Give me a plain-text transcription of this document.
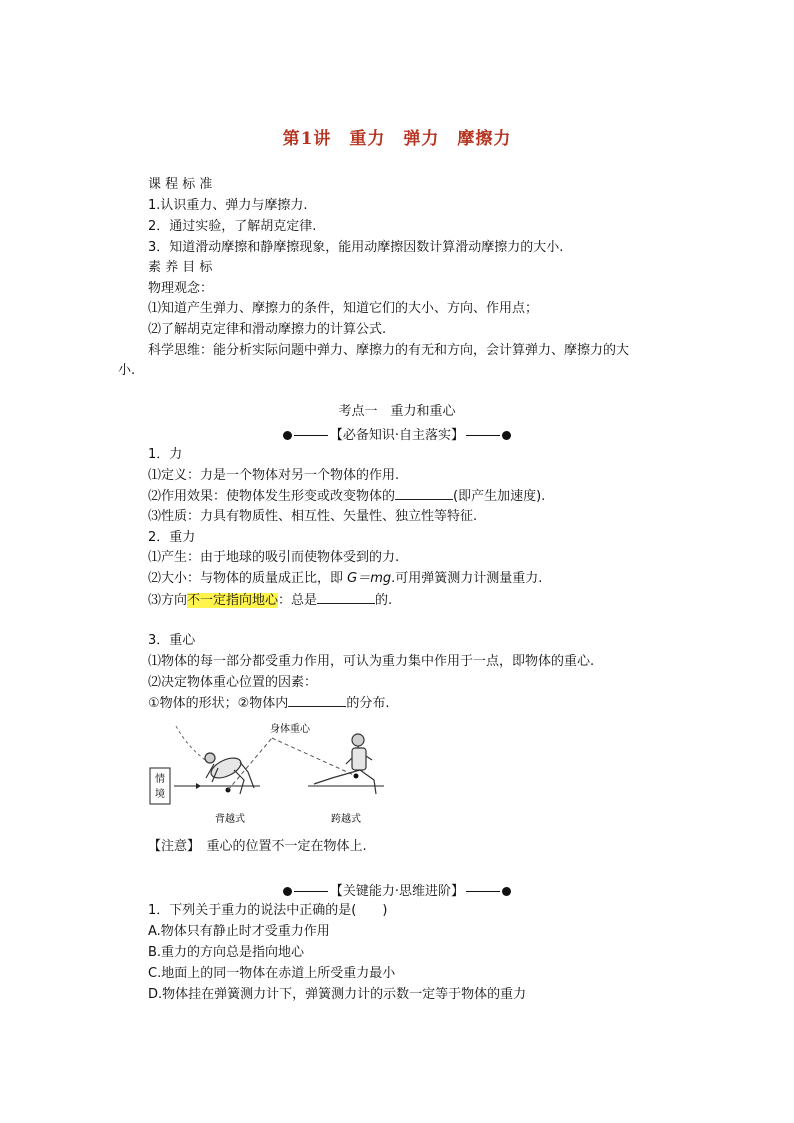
第1讲　重力　弹力　摩擦力
课 程 标 准
1.认识重力、弹力与摩擦力.
2．通过实验，了解胡克定律.
3．知道滑动摩擦和静摩擦现象，能用动摩擦因数计算滑动摩擦力的大小.
素 养 目 标
物理观念：
⑴知道产生弹力、摩擦力的条件，知道它们的大小、方向、作用点；
⑵了解胡克定律和滑动摩擦力的计算公式.
科学思维：能分析实际问题中弹力、摩擦力的有无和方向，会计算弹力、摩擦力的大
小.
考点一　重力和重心
【必备知识·自主落实】
1．力
⑴定义：力是一个物体对另一个物体的作用.
⑵作用效果：使物体发生形变或改变物体的	(即产生加速度).
⑶性质：力具有物质性、相互性、矢量性、独立性等特征.
2．重力
⑴产生：由于地球的吸引而使物体受到的力.
⑵大小：与物体的质量成正比，即 G＝mg.可用弹簧测力计测量重力.
⑶方向不一定指向地心：总是	的.
3．重心
⑴物体的每一部分都受重力作用，可认为重力集中作用于一点，即物体的重心.
⑵决定物体重心位置的因素：
①物体的形状；②物体内	的分布.
情
境
身体重心
背越式	跨越式
【注意】　 重心的位置不一定在物体上.
【关键能力·思维进阶】
1．下列关于重力的说法中正确的是(　　)
A.物体只有静止时才受重力作用
B.重力的方向总是指向地心
C.地面上的同一物体在赤道上所受重力最小
D.物体挂在弹簧测力计下，弹簧测力计的示数一定等于物体的重力
